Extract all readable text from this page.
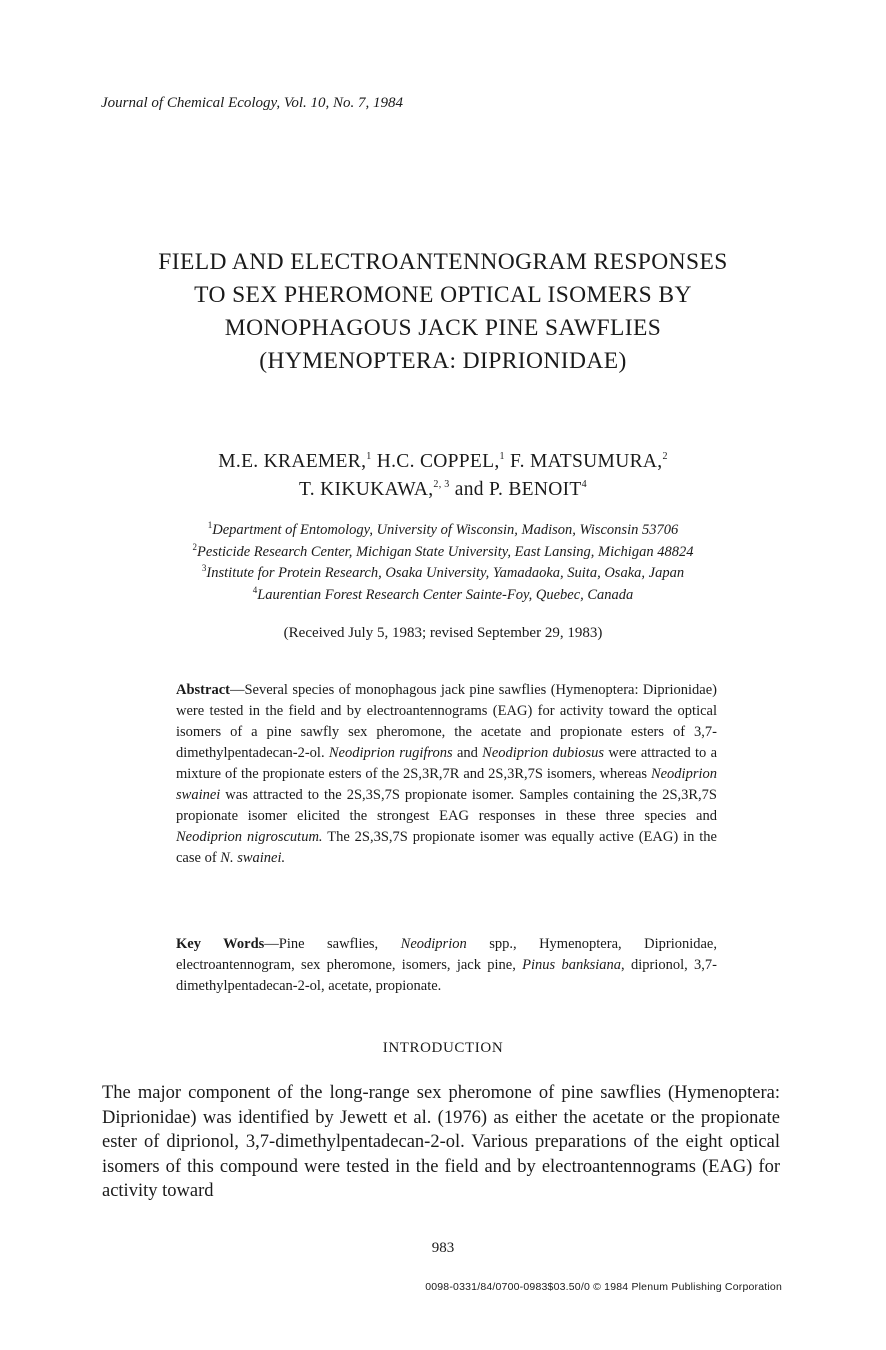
Journal of Chemical Ecology, Vol. 10, No. 7, 1984
FIELD AND ELECTROANTENNOGRAM RESPONSES
TO SEX PHEROMONE OPTICAL ISOMERS BY
MONOPHAGOUS JACK PINE SAWFLIES
(HYMENOPTERA: DIPRIONIDAE)
M.E. KRAEMER,$^1$ H.C. COPPEL,$^1$ F. MATSUMURA,$^2$
T. KIKUKAWA,$^{2, 3}$ and P. BENOIT$^4$
$^1$Department of Entomology, University of Wisconsin, Madison, Wisconsin 53706
$^2$Pesticide Research Center, Michigan State University, East Lansing, Michigan 48824
$^3$Institute for Protein Research, Osaka University, Yamadaoka, Suita, Osaka, Japan
$^4$Laurentian Forest Research Center Sainte-Foy, Quebec, Canada
(Received July 5, 1983; revised September 29, 1983)

Abstract—Several species of monophagous jack pine sawflies (Hymenoptera: Diprionidae) were tested in the field and by electroantennograms (EAG) for activity toward the optical isomers of a pine sawfly sex pheromone, the acetate and propionate esters of 3,7-dimethylpentadecan-2-ol. Neodiprion rugifrons and Neodiprion dubiosus were attracted to a mixture of the propionate esters of the 2S,3R,7R and 2S,3R,7S isomers, whereas Neodiprion swainei was attracted to the 2S,3S,7S propionate isomer. Samples containing the 2S,3R,7S propionate isomer elicited the strongest EAG responses in these three species and Neodiprion nigroscutum. The 2S,3S,7S propionate isomer was equally active (EAG) in the case of N. swainei.

Key Words—Pine sawflies, Neodiprion spp., Hymenoptera, Diprionidae, electroantennogram, sex pheromone, isomers, jack pine, Pinus banksiana, diprionol, 3,7-dimethylpentadecan-2-ol, acetate, propionate.

INTRODUCTION

The major component of the long-range sex pheromone of pine sawflies (Hymenoptera: Diprionidae) was identified by Jewett et al. (1976) as either the acetate or the propionate ester of diprionol, 3,7-dimethylpentadecan-2-ol. Various preparations of the eight optical isomers of this compound were tested in the field and by electroantennograms (EAG) for activity toward

983
0098-0331/84/0700-0983$03.50/0 © 1984 Plenum Publishing Corporation
